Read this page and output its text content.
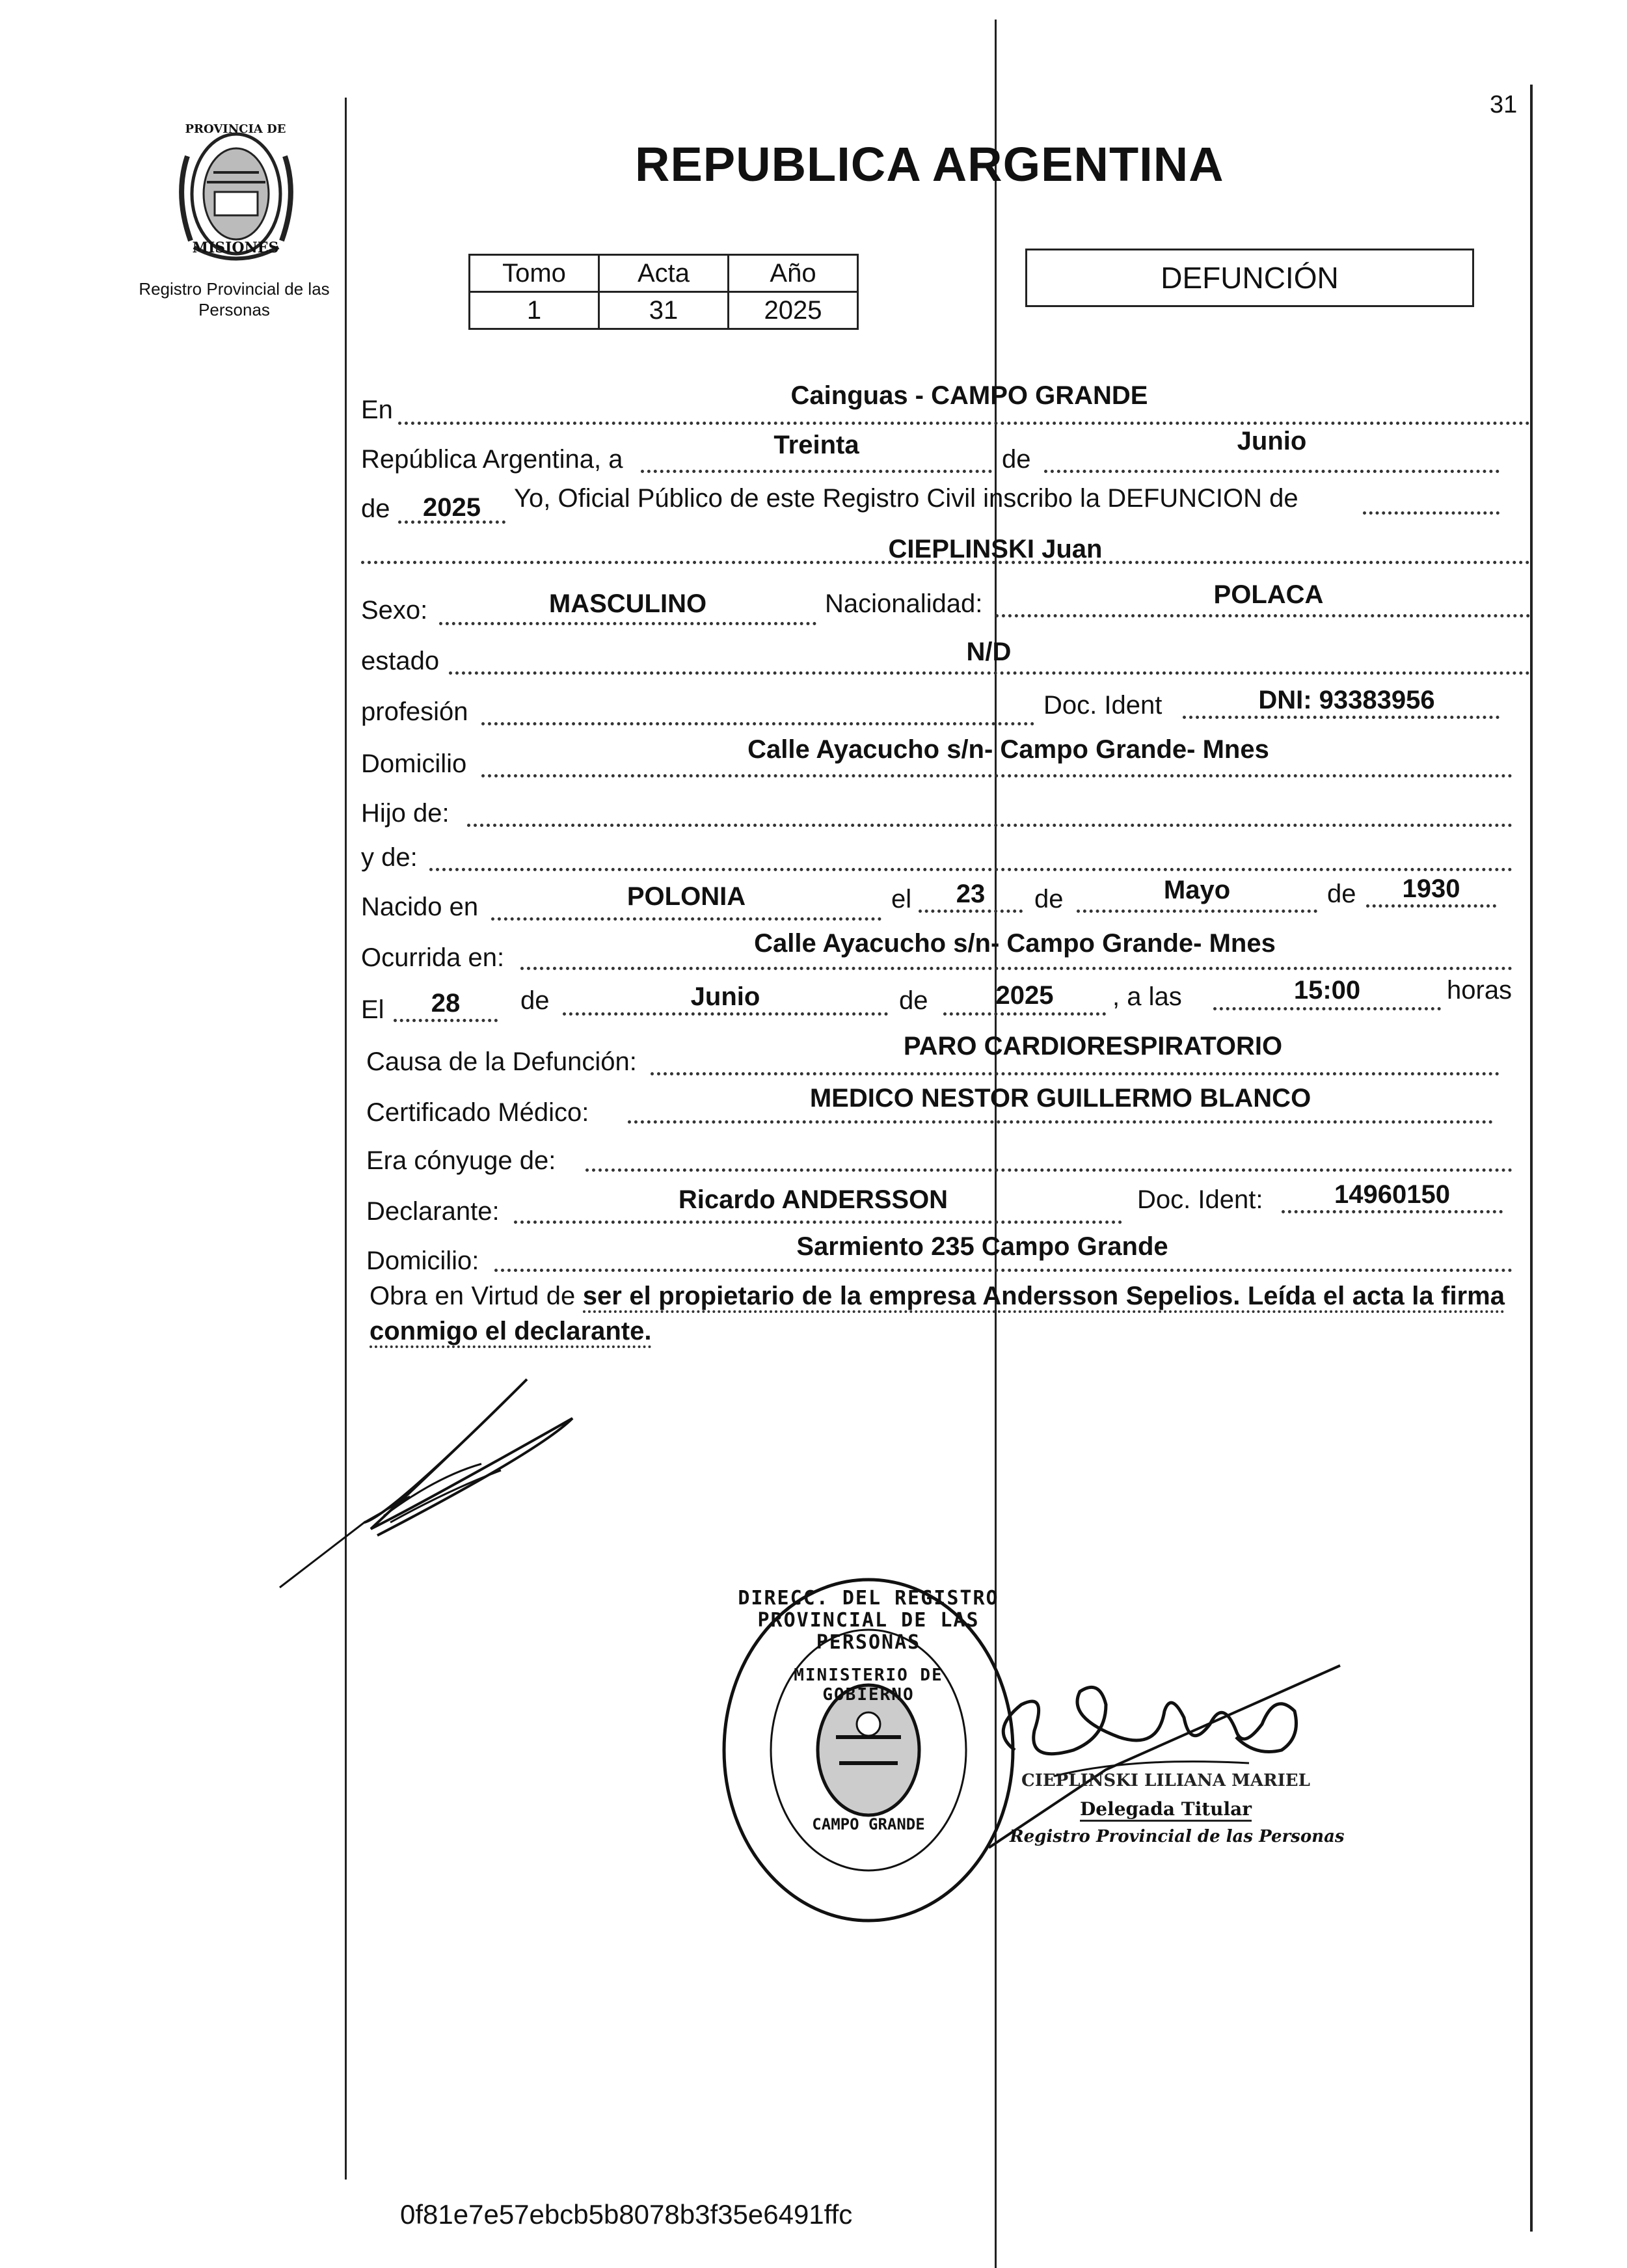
31
PROVINCIA DE
MISIONES
Registro Provincial de las Personas
REPUBLICA ARGENTINA
Tomo	Acta	Año
1	31	2025
DEFUNCIÓN
En	Cainguas - CAMPO GRANDE
República Argentina, a	Treinta	de
Junio
de	2025	Yo, Oficial Público de este Registro Civil inscribo la DEFUNCION de
CIEPLINSKI Juan
Sexo:	MASCULINO	Nacionalidad:	POLACA
estado	N/D
profesión	Doc. Ident	DNI: 93383956
Domicilio	Calle Ayacucho s/n- Campo Grande- Mnes
Hijo de:
y de:
Nacido en	POLONIA	el	23	de	Mayo	de	1930
Ocurrida en:	Calle Ayacucho s/n- Campo Grande- Mnes
El	28	de	Junio	de	2025	, a las	15:00	horas
Causa de la Defunción:
PARO CARDIORESPIRATORIO
Certificado Médico:	MEDICO NESTOR GUILLERMO BLANCO
Era cónyuge de:
Declarante:	Ricardo ANDERSSON	Doc. Ident:	14960150
Domicilio:	Sarmiento 235 Campo Grande
Obra en Virtud de ser el propietario de la empresa Andersson Sepelios. Leída el acta la firma conmigo el declarante.
DIRECC. DEL REGISTRO PROVINCIAL DE LAS PERSONAS
MINISTERIO DE GOBIERNO
CAMPO GRANDE
CIEPLINSKI LILIANA MARIEL
Delegada Titular
Registro Provincial de las Personas
0f81e7e57ebcb5b8078b3f35e6491ffc
